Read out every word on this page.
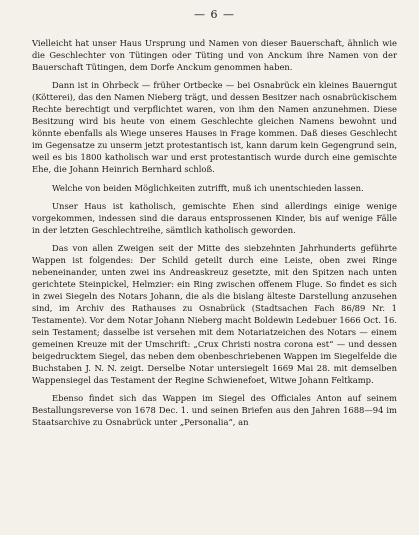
— 6 —

Vielleicht hat unser Haus Ursprung und Namen von dieser Bauerschaft, ähnlich wie die Geschlechter von Tütingen oder Tüting und von Anckum ihre Namen von der Bauerschaft Tütingen, dem Dorfe Anckum genommen haben.

Dann ist in Ohrbeck — früher Ortbecke — bei Osnabrück ein kleines Bauerngut (Kötterei), das den Namen Nieberg trägt, und dessen Besitzer nach osnabrückischem Rechte berechtigt und verpflichtet waren, von ihm den Namen anzunehmen. Diese Besitzung wird bis heute von einem Geschlechte gleichen Namens bewohnt und könnte ebenfalls als Wiege unseres Hauses in Frage kommen. Daß dieses Geschlecht im Gegensatze zu unserm jetzt protestantisch ist, kann darum kein Gegengrund sein, weil es bis 1800 katholisch war und erst protestantisch wurde durch eine gemischte Ehe, die Johann Heinrich Bernhard schloß.

Welche von beiden Möglichkeiten zutrifft, muß ich unentschieden lassen.

Unser Haus ist katholisch, gemischte Ehen sind allerdings einige wenige vorgekommen, indessen sind die daraus entsprossenen Kinder, bis auf wenige Fälle in der letzten Geschlechtreihe, sämtlich katholisch geworden.

Das von allen Zweigen seit der Mitte des siebzehnten Jahrhunderts geführte Wappen ist folgendes: Der Schild geteilt durch eine Leiste, oben zwei Ringe nebeneinander, unten zwei ins Andreaskreuz gesetzte, mit den Spitzen nach unten gerichtete Steinpickel, Helmzier: ein Ring zwischen offenem Fluge. So findet es sich in zwei Siegeln des Notars Johann, die als die bislang älteste Darstellung anzusehen sind, im Archiv des Rathauses zu Osnabrück (Stadtsachen Fach 86/89 Nr. 1 Testamente). Vor dem Notar Johann Nieberg macht Boldewin Ledebuer 1666 Oct. 16. sein Testament; dasselbe ist versehen mit dem Notariatzeichen des Notars — einem gemeinen Kreuze mit der Umschrift: „Crux Christi nostra corona est“ — und dessen beigedrucktem Siegel, das neben dem obenbeschriebenen Wappen im Siegelfelde die Buchstaben J. N. N. zeigt. Derselbe Notar untersiegelt 1669 Mai 28. mit demselben Wappensiegel das Testament der Regine Schwienefoet, Witwe Johann Feltkamp.

Ebenso findet sich das Wappen im Siegel des Officiales Anton auf seinem Bestallungsreverse von 1678 Dec. 1. und seinen Briefen aus den Jahren 1688—94 im Staatsarchive zu Osnabrück unter „Personalia“, an
